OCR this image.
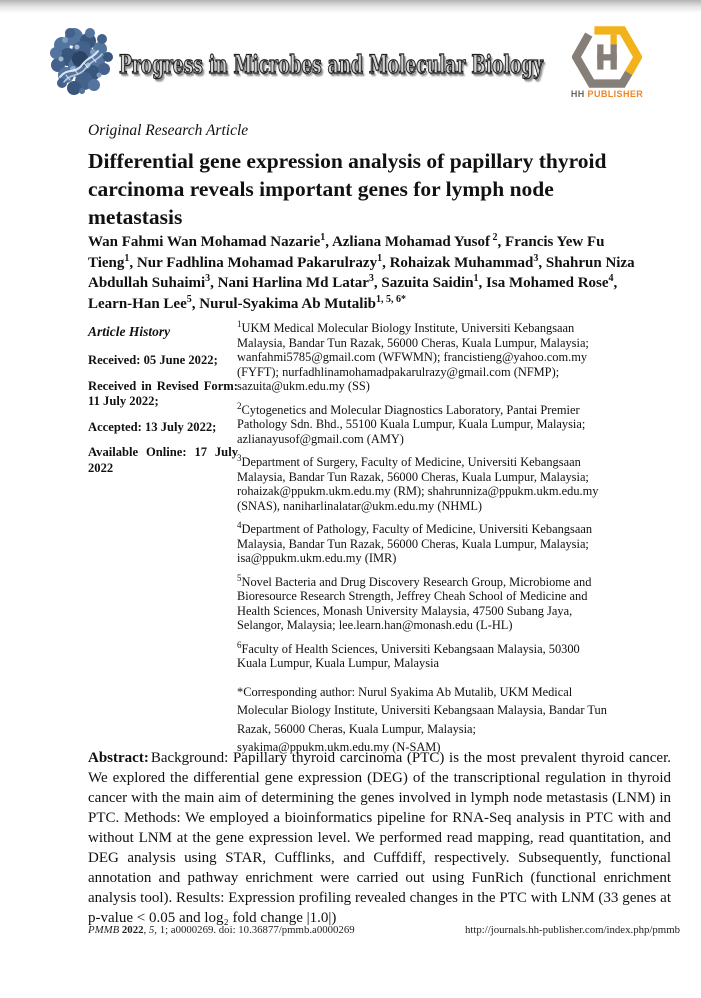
Progress in Microbes and Molecular Biology
HH PUBLISHER
Original Research Article
Differential gene expression analysis of papillary thyroid
carcinoma reveals important genes for lymph node
metastasis
Wan Fahmi Wan Mohamad Nazarie$^1$, Azliana Mohamad Yusof $^2$, Francis Yew Fu Tieng$^1$, Nur Fadhlina Mohamad Pakarulrazy$^1$, Rohaizak Muhammad$^3$, Shahrun Niza Abdullah Suhaimi$^3$, Nani Harlina Md Latar$^3$, Sazuita Saidin$^1$, Isa Mohamed Rose$^4$, Learn-Han Lee$^5$, Nurul-Syakima Ab Mutalib$^{1, 5, 6*}$

Article History

Received: 05 June 2022;

Received in Revised Form: 11 July 2022;

Accepted: 13 July 2022;

Available Online: 17 July 2022

$^1$UKM Medical Molecular Biology Institute, Universiti Kebangsaan Malaysia, Bandar Tun Razak, 56000 Cheras, Kuala Lumpur, Malaysia; wanfahmi5785@gmail.com (WFWMN); francistieng@yahoo.com.my (FYFT); nurfadhlinamohamadpakarulrazy@gmail.com (NFMP); sazuita@ukm.edu.my (SS)

$^2$Cytogenetics and Molecular Diagnostics Laboratory, Pantai Premier Pathology Sdn. Bhd., 55100 Kuala Lumpur, Kuala Lumpur, Malaysia; azlianayusof@gmail.com (AMY)

$^3$Department of Surgery, Faculty of Medicine, Universiti Kebangsaan Malaysia, Bandar Tun Razak, 56000 Cheras, Kuala Lumpur, Malaysia; rohaizak@ppukm.ukm.edu.my (RM); shahrunniza@ppukm.ukm.edu.my (SNAS), naniharlinalatar@ukm.edu.my (NHML)

$^4$Department of Pathology, Faculty of Medicine, Universiti Kebangsaan Malaysia, Bandar Tun Razak, 56000 Cheras, Kuala Lumpur, Malaysia; isa@ppukm.ukm.edu.my (IMR)

$^5$Novel Bacteria and Drug Discovery Research Group, Microbiome and Bioresource Research Strength, Jeffrey Cheah School of Medicine and Health Sciences, Monash University Malaysia, 47500 Subang Jaya, Selangor, Malaysia; lee.learn.han@monash.edu (L-HL)

$^6$Faculty of Health Sciences, Universiti Kebangsaan Malaysia, 50300 Kuala Lumpur, Kuala Lumpur, Malaysia

*Corresponding author: Nurul Syakima Ab Mutalib, UKM Medical Molecular Biology Institute, Universiti Kebangsaan Malaysia, Bandar Tun Razak, 56000 Cheras, Kuala Lumpur, Malaysia; syakima@ppukm.ukm.edu.my (N-SAM)

Abstract: Background: Papillary thyroid carcinoma (PTC) is the most prevalent thyroid cancer. We explored the differential gene expression (DEG) of the transcriptional regulation in thyroid cancer with the main aim of determining the genes involved in lymph node metastasis (LNM) in PTC. Methods: We employed a bioinformatics pipeline for RNA-Seq analysis in PTC with and without LNM at the gene expression level. We performed read mapping, read quantitation, and DEG analysis using STAR, Cufflinks, and Cuffdiff, respectively. Subsequently, functional annotation and pathway enrichment were carried out using FunRich (functional enrichment analysis tool). Results: Expression profiling revealed changes in the PTC with LNM (33 genes at p-value < 0.05 and log₂ fold change |1.0|)
PMMB 2022, 5, 1; a0000269. doi: 10.36877/pmmb.a0000269	http://journals.hh-publisher.com/index.php/pmmb
